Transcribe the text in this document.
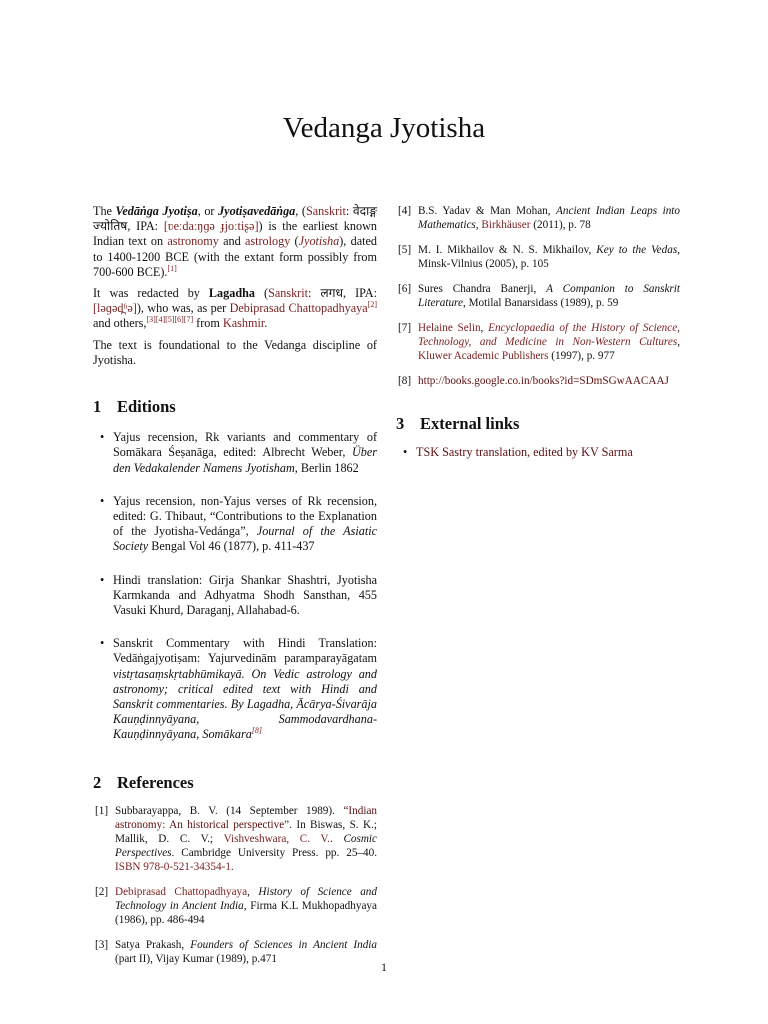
Vedanga Jyotisha

The Vedāṅga Jyotiṣa, or Jyotiṣavedāṅga, (Sanskrit: वेदाङ्ग ज्योतिष, IPA: [ʋeːdaːŋɡə ɟjoːtiʂə]) is the earliest known Indian text on astronomy and astrology (Jyotisha), dated to 1400-1200 BCE (with the extant form possibly from 700-600 BCE).[1]

It was redacted by Lagadha (Sanskrit: लगध, IPA: [ləɡəd̪ʱə]), who was, as per Debiprasad Chattopadhyaya[2] and others,[3][4][5][6][7] from Kashmir.

The text is foundational to the Vedanga discipline of Jyotisha.

1 Editions
• Yajus recension, Rk variants and commentary of Somākara Śeṣanāga, edited: Albrecht Weber, Über den Vedakalender Namens Jyotisham, Berlin 1862
• Yajus recension, non-Yajus verses of Rk recension, edited: G. Thibaut, “Contributions to the Explanation of the Jyotisha-Vedánga”, Journal of the Asiatic Society Bengal Vol 46 (1877), p. 411-437
• Hindi translation: Girja Shankar Shashtri, Jyotisha Karmkanda and Adhyatma Shodh Sansthan, 455 Vasuki Khurd, Daraganj, Allahabad-6.
• Sanskrit Commentary with Hindi Translation: Vedāṅgajyotiṣam: Yajurvedinām paramparayāgatam vistṛtasaṃskṛtabhūmikayā. On Vedic astrology and astronomy; critical edited text with Hindi and Sanskrit commentaries. By Lagadha, Ācārya-Śivarāja Kauṇḍinnyāyana, SammodavardhanaKauṇḍinnyāyana, Somākara[8]
2 References
[1] Subbarayappa, B. V. (14 September 1989). “Indian astronomy: An historical perspective”. In Biswas, S. K.; Mallik, D. C. V.; Vishveshwara, C. V.. Cosmic Perspectives. Cambridge University Press. pp. 25–40. ISBN 978-0-521-34354-1.
[2] Debiprasad Chattopadhyaya, History of Science and Technology in Ancient India, Firma K.L Mukhopadhyaya (1986), pp. 486-494
[3] Satya Prakash, Founders of Sciences in Ancient India (part II), Vijay Kumar (1989), p.471
[4] B.S. Yadav & Man Mohan, Ancient Indian Leaps into Mathematics, Birkhäuser (2011), p. 78
[5] M. I. Mikhailov & N. S. Mikhailov, Key to the Vedas, Minsk-Vilnius (2005), p. 105
[6] Sures Chandra Banerji, A Companion to Sanskrit Literature, Motilal Banarsidass (1989), p. 59
[7] Helaine Selin, Encyclopaedia of the History of Science, Technology, and Medicine in Non-Western Cultures, Kluwer Academic Publishers (1997), p. 977
[8] http://books.google.co.in/books?id=SDmSGwAACAAJ
3 External links
• TSK Sastry translation, edited by KV Sarma
1
